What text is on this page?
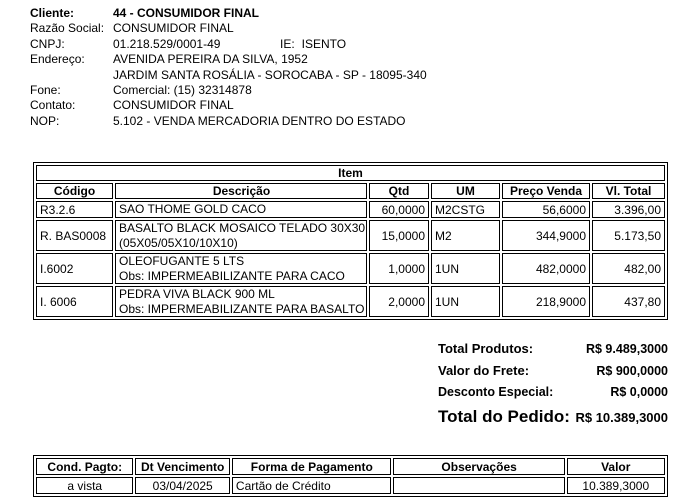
Cliente:	44 - CONSUMIDOR FINAL
Razão Social: CONSUMIDOR FINAL
CNPJ:	01.218.529/0001-49	IE: ISENTO
Endereço:	AVENIDA PEREIRA DA SILVA, 1952
JARDIM SANTA ROSÁLIA - SOROCABA - SP - 18095-340
Fone:	Comercial: (15) 32314878
Contato:	CONSUMIDOR FINAL
NOP:	5.102 - VENDA MERCADORIA DENTRO DO ESTADO
Item					
Código	Descrição	Qtd	UM	Preço Venda	Vl. Total
R3.2.6	SAO THOME GOLD CACO	60,0000	M2CSTG	56,6000	3.396,00
R. BAS0008	BASALTO BLACK MOSAICO TELADO 30X30
(05X05/05X10/10X10)	15,0000	M2	344,9000	5.173,50
I.6002	OLEOFUGANTE 5 LTS
Obs: IMPERMEABILIZANTE PARA CACO	1,0000	1UN	482,0000	482,00
I. 6006	PEDRA VIVA BLACK 900 ML
Obs: IMPERMEABILIZANTE PARA BASALTO	2,0000	1UN	218,9000	437,80
Total Produtos:	R$ 9.489,3000
Valor do Frete:	R$ 900,0000
Desconto Especial:	R$ 0,0000
Total do Pedido: R$ 10.389,3000
Cond. Pagto:	Dt Vencimento	Forma de Pagamento	Observações	Valor
a vista	03/04/2025	Cartão de Crédito		10.389,3000
